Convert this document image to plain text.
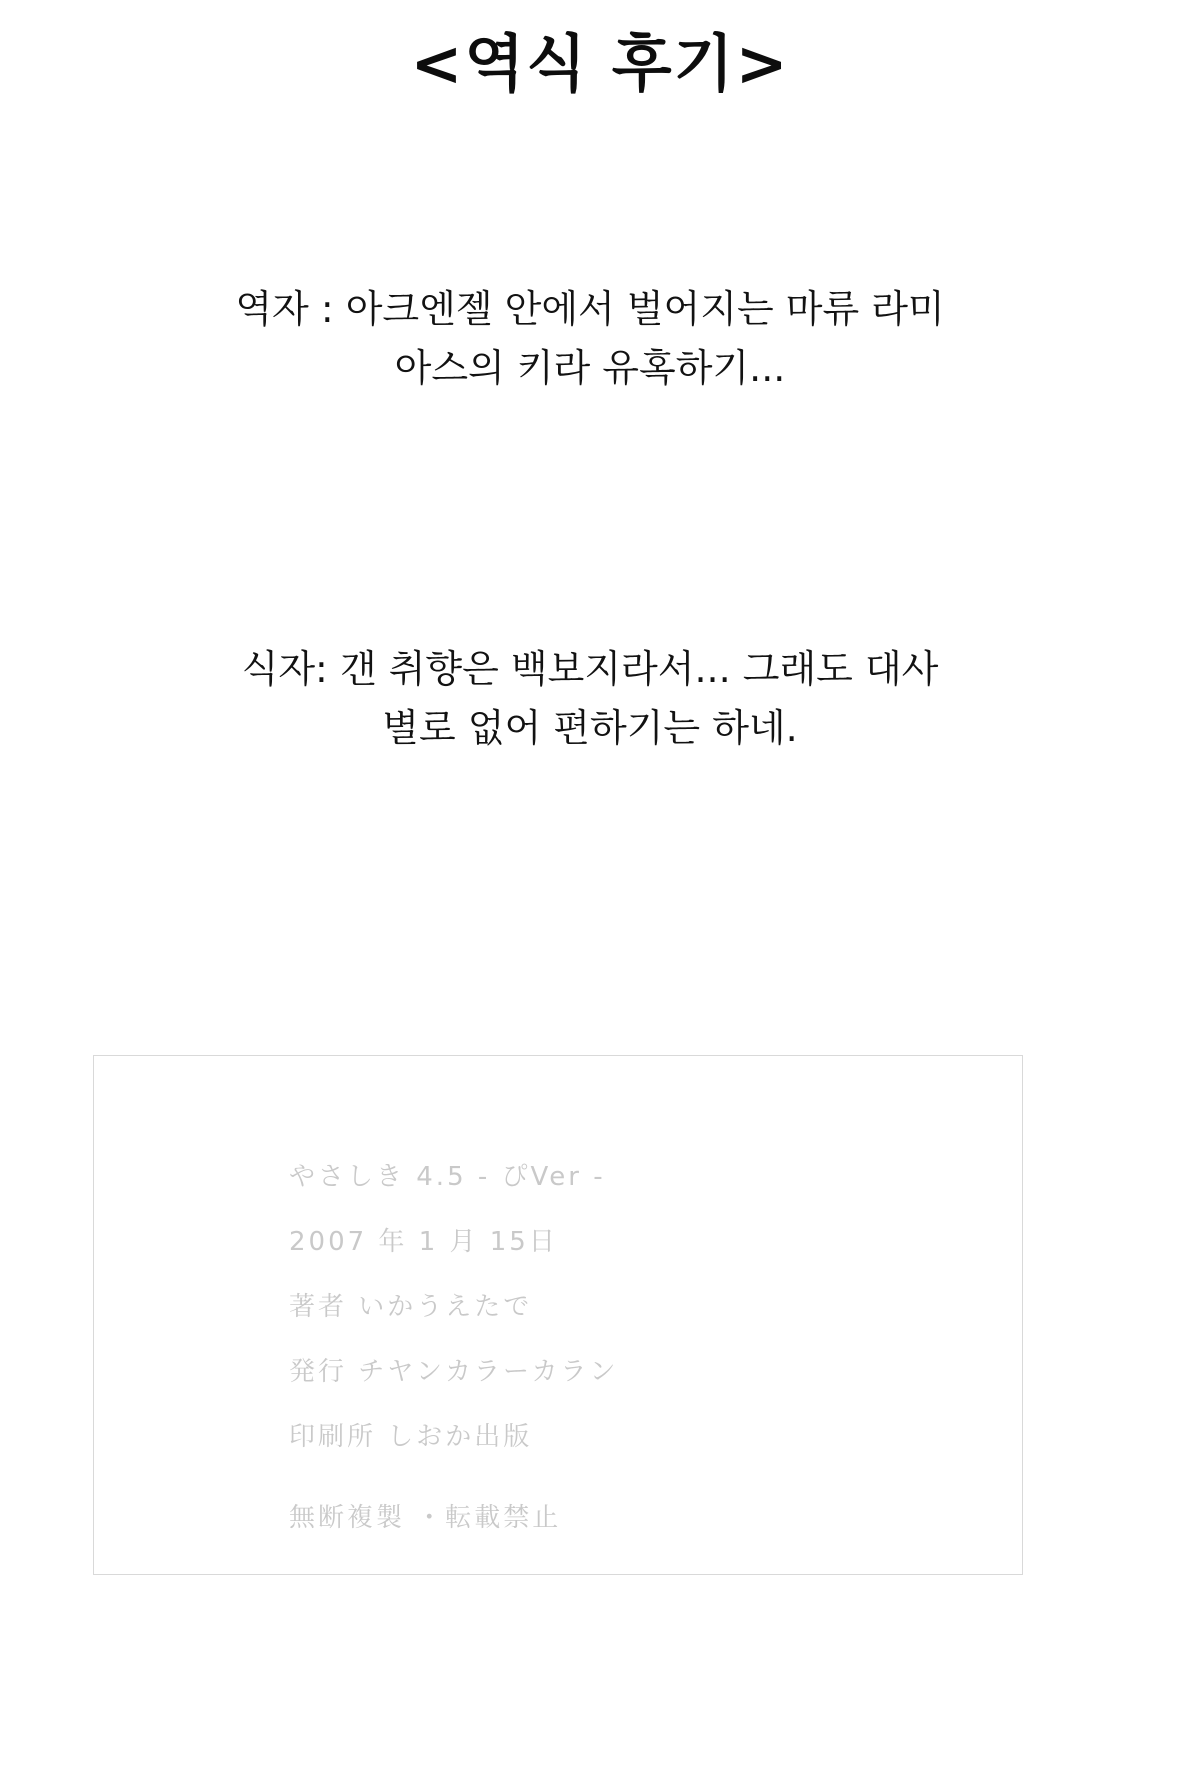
<역식 후기>
역자 : 아크엔젤 안에서 벌어지는 마류 라미
아스의 키라 유혹하기...
식자: 갠 취향은 백보지라서... 그래도 대사
별로 없어 편하기는 하네.
やさしき 4.5 - ぴVer -
2007 年 1 月 15日
著者 いかうえたで
発行 チヤンカラーカラン
印刷所 しおか出版
無断複製 ・転載禁止
